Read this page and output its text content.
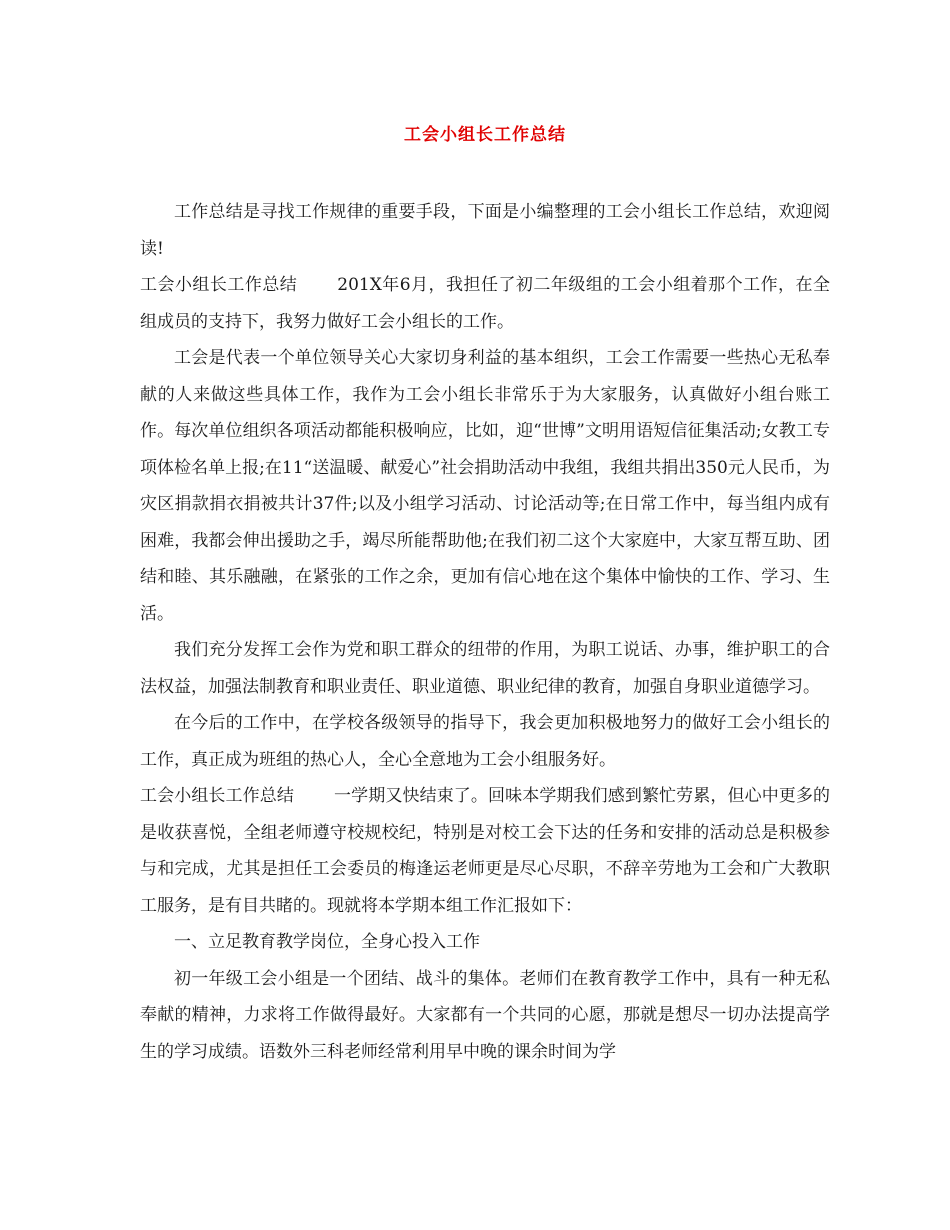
工会小组长工作总结

工作总结是寻找工作规律的重要手段，下面是小编整理的工会小组长工作总结，欢迎阅读!

工会小组长工作总结 201X年6月，我担任了初二年级组的工会小组着那个工作，在全组成员的支持下，我努力做好工会小组长的工作。

工会是代表一个单位领导关心大家切身利益的基本组织，工会工作需要一些热心无私奉献的人来做这些具体工作，我作为工会小组长非常乐于为大家服务，认真做好小组台账工作。每次单位组织各项活动都能积极响应，比如，迎“世博”文明用语短信征集活动;女教工专项体检名单上报;在11“送温暖、献爱心”社会捐助活动中我组，我组共捐出350元人民币，为灾区捐款捐衣捐被共计37件;以及小组学习活动、讨论活动等;在日常工作中，每当组内成有困难，我都会伸出援助之手，竭尽所能帮助他;在我们初二这个大家庭中，大家互帮互助、团结和睦、其乐融融，在紧张的工作之余，更加有信心地在这个集体中愉快的工作、学习、生活。

我们充分发挥工会作为党和职工群众的纽带的作用，为职工说话、办事，维护职工的合法权益，加强法制教育和职业责任、职业道德、职业纪律的教育，加强自身职业道德学习。

在今后的工作中，在学校各级领导的指导下，我会更加积极地努力的做好工会小组长的工作，真正成为班组的热心人，全心全意地为工会小组服务好。

工会小组长工作总结 一学期又快结束了。回味本学期我们感到繁忙劳累，但心中更多的是收获喜悦，全组老师遵守校规校纪，特别是对校工会下达的任务和安排的活动总是积极参与和完成，尤其是担任工会委员的梅逢运老师更是尽心尽职，不辞辛劳地为工会和广大教职工服务，是有目共睹的。现就将本学期本组工作汇报如下：

一、立足教育教学岗位，全身心投入工作

初一年级工会小组是一个团结、战斗的集体。老师们在教育教学工作中，具有一种无私奉献的精神，力求将工作做得最好。大家都有一个共同的心愿，那就是想尽一切办法提高学生的学习成绩。语数外三科老师经常利用早中晚的课余时间为学
